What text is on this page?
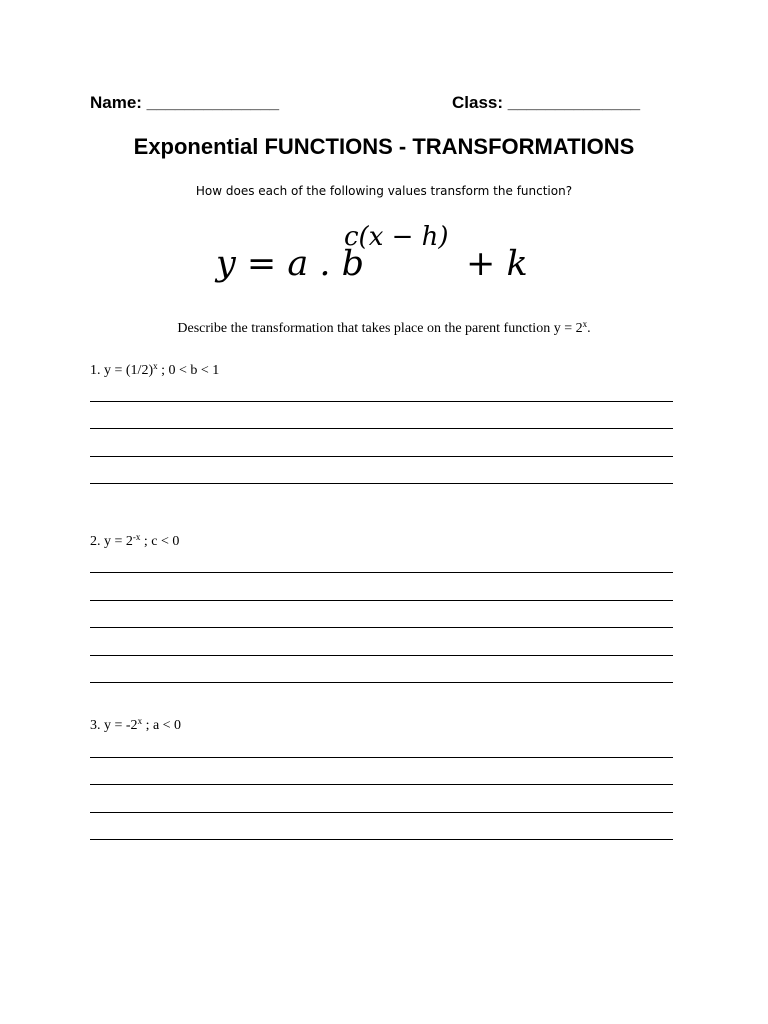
Name: ______________	Class: ______________
Exponential FUNCTIONS - TRANSFORMATIONS
How does each of the following values transform the function?
y = a . b
c(x − h)
+ k
Describe the transformation that takes place on the parent function $y = 2^x$.
1. $y = (1/2)^x$ ; 0 < b < 1
2. $y = 2^{-x}$ ; c < 0
3. $y = -2^x$ ; a < 0
